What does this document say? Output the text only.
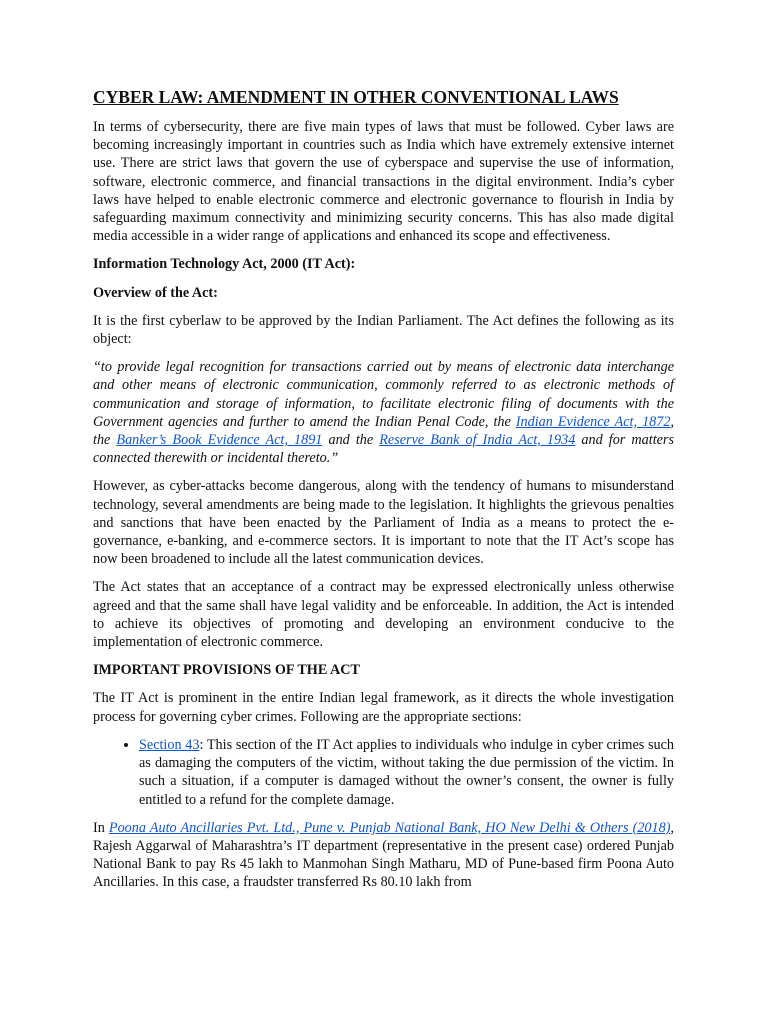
CYBER LAW: AMENDMENT IN OTHER CONVENTIONAL LAWS

In terms of cybersecurity, there are five main types of laws that must be followed. Cyber laws are becoming increasingly important in countries such as India which have extremely extensive internet use. There are strict laws that govern the use of cyberspace and supervise the use of information, software, electronic commerce, and financial transactions in the digital environment. India’s cyber laws have helped to enable electronic commerce and electronic governance to flourish in India by safeguarding maximum connectivity and minimizing security concerns. This has also made digital media accessible in a wider range of applications and enhanced its scope and effectiveness.

Information Technology Act, 2000 (IT Act):

Overview of the Act:

It is the first cyberlaw to be approved by the Indian Parliament. The Act defines the following as its object:

“to provide legal recognition for transactions carried out by means of electronic data interchange and other means of electronic communication, commonly referred to as electronic methods of communication and storage of information, to facilitate electronic filing of documents with the Government agencies and further to amend the Indian Penal Code, the Indian Evidence Act, 1872, the Banker’s Book Evidence Act, 1891 and the Reserve Bank of India Act, 1934 and for matters connected therewith or incidental thereto.”

However, as cyber-attacks become dangerous, along with the tendency of humans to misunderstand technology, several amendments are being made to the legislation. It highlights the grievous penalties and sanctions that have been enacted by the Parliament of India as a means to protect the e-governance, e-banking, and e-commerce sectors. It is important to note that the IT Act’s scope has now been broadened to include all the latest communication devices.

The Act states that an acceptance of a contract may be expressed electronically unless otherwise agreed and that the same shall have legal validity and be enforceable. In addition, the Act is intended to achieve its objectives of promoting and developing an environment conducive to the implementation of electronic commerce.

IMPORTANT PROVISIONS OF THE ACT

The IT Act is prominent in the entire Indian legal framework, as it directs the whole investigation process for governing cyber crimes. Following are the appropriate sections:

• Section 43: This section of the IT Act applies to individuals who indulge in cyber crimes such as damaging the computers of the victim, without taking the due permission of the victim. In such a situation, if a computer is damaged without the owner’s consent, the owner is fully entitled to a refund for the complete damage.

In Poona Auto Ancillaries Pvt. Ltd., Pune v. Punjab National Bank, HO New Delhi & Others (2018), Rajesh Aggarwal of Maharashtra’s IT department (representative in the present case) ordered Punjab National Bank to pay Rs 45 lakh to Manmohan Singh Matharu, MD of Pune-based firm Poona Auto Ancillaries. In this case, a fraudster transferred Rs 80.10 lakh from
